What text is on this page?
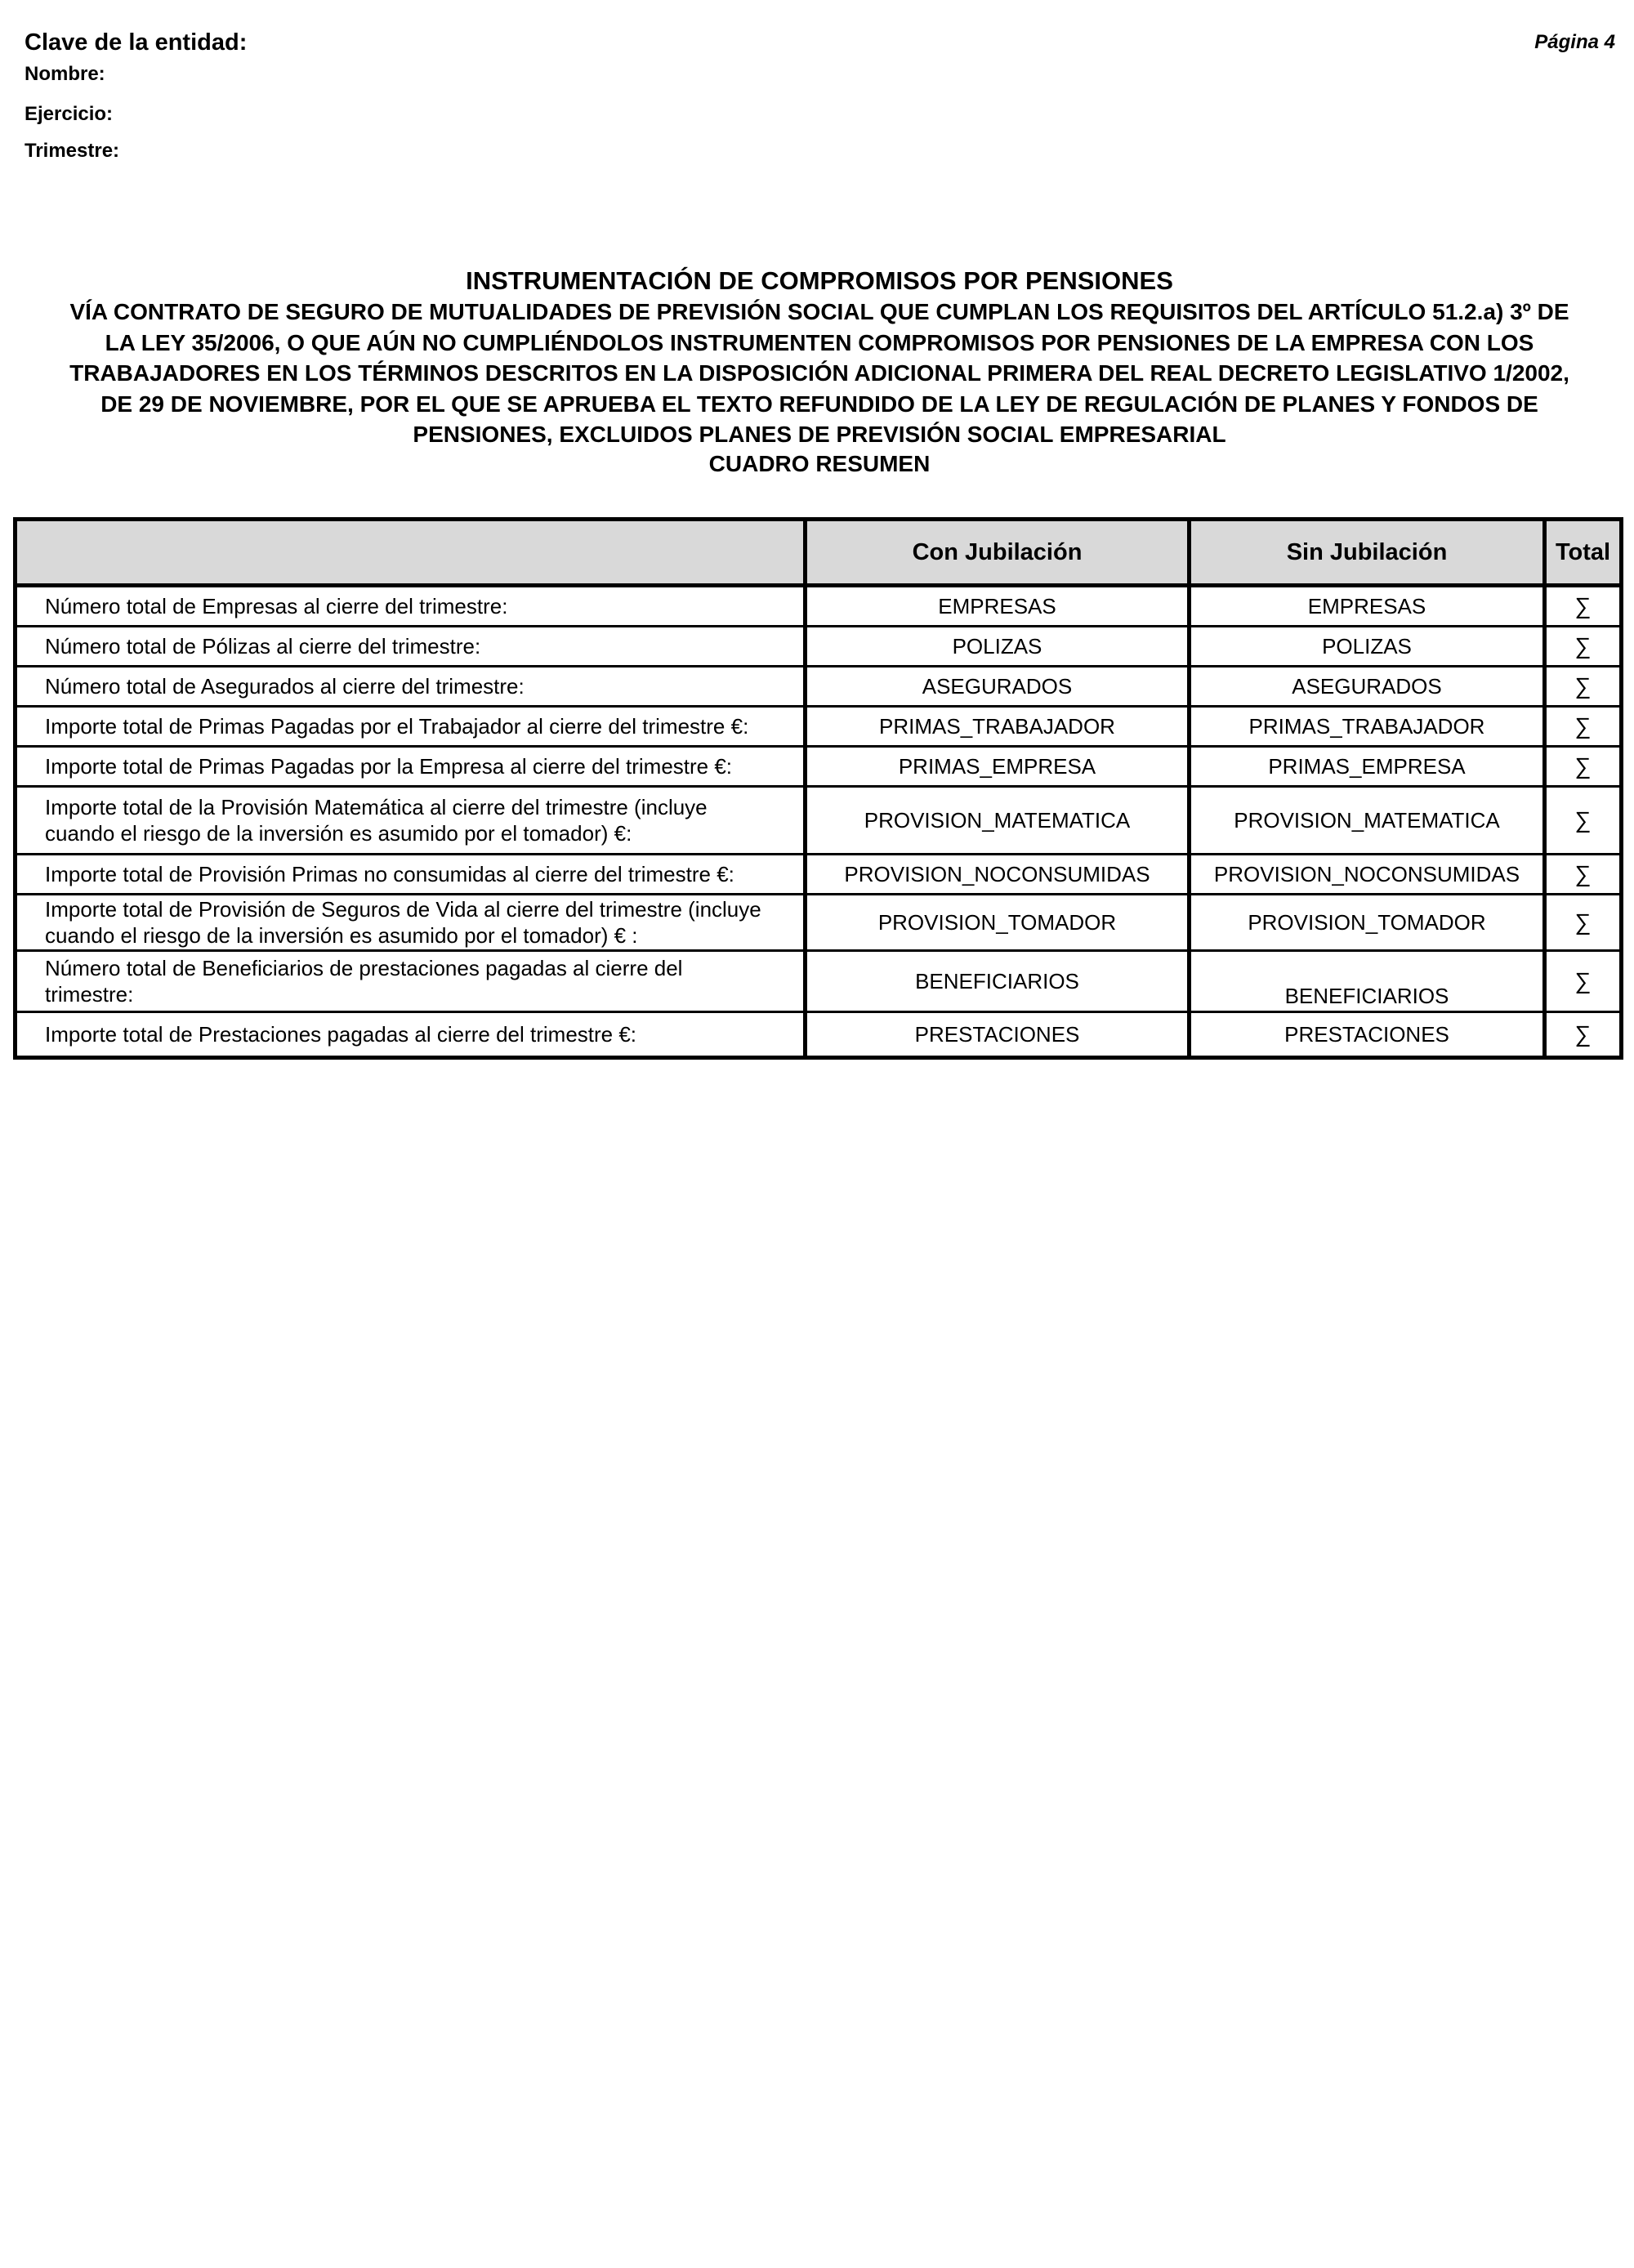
Clave de la entidad:
Nombre:
Ejercicio:
Trimestre:
Página 4
INSTRUMENTACIÓN DE COMPROMISOS POR PENSIONES
VÍA CONTRATO DE SEGURO DE MUTUALIDADES DE PREVISIÓN SOCIAL QUE CUMPLAN LOS REQUISITOS DEL ARTÍCULO 51.2.a) 3º DE
LA LEY 35/2006, O QUE AÚN NO CUMPLIÉNDOLOS INSTRUMENTEN COMPROMISOS POR PENSIONES DE LA EMPRESA CON LOS
TRABAJADORES EN LOS TÉRMINOS DESCRITOS EN LA DISPOSICIÓN ADICIONAL PRIMERA DEL REAL DECRETO LEGISLATIVO 1/2002,
DE 29 DE NOVIEMBRE, POR EL QUE SE APRUEBA EL TEXTO REFUNDIDO DE LA LEY DE REGULACIÓN DE PLANES Y FONDOS DE
PENSIONES, EXCLUIDOS PLANES DE PREVISIÓN SOCIAL EMPRESARIAL
CUADRO RESUMEN
	Con Jubilación	Sin Jubilación	Total
Número total de Empresas al cierre del trimestre:	EMPRESAS	EMPRESAS	∑
Número total de Pólizas al cierre del trimestre:	POLIZAS	POLIZAS	∑
Número total de Asegurados al cierre del trimestre:	ASEGURADOS	ASEGURADOS	∑
Importe total de Primas Pagadas por el Trabajador al cierre del trimestre €:	PRIMAS_TRABAJADOR	PRIMAS_TRABAJADOR	∑
Importe total de Primas Pagadas por la Empresa al cierre del trimestre €:	PRIMAS_EMPRESA	PRIMAS_EMPRESA	∑
Importe total de la Provisión Matemática al cierre del trimestre (incluye
cuando el riesgo de la inversión es asumido por el tomador) €:	PROVISION_MATEMATICA	PROVISION_MATEMATICA	∑
Importe total de Provisión Primas no consumidas al cierre del trimestre €:	PROVISION_NOCONSUMIDAS	PROVISION_NOCONSUMIDAS	∑
Importe total de Provisión de Seguros de Vida al cierre del trimestre (incluye
cuando el riesgo de la inversión es asumido por el tomador) € :	PROVISION_TOMADOR	PROVISION_TOMADOR	∑
Número total de Beneficiarios de prestaciones pagadas al cierre del
trimestre:	BENEFICIARIOS	BENEFICIARIOS	∑
Importe total de Prestaciones pagadas al cierre del trimestre €:	PRESTACIONES	PRESTACIONES	∑
